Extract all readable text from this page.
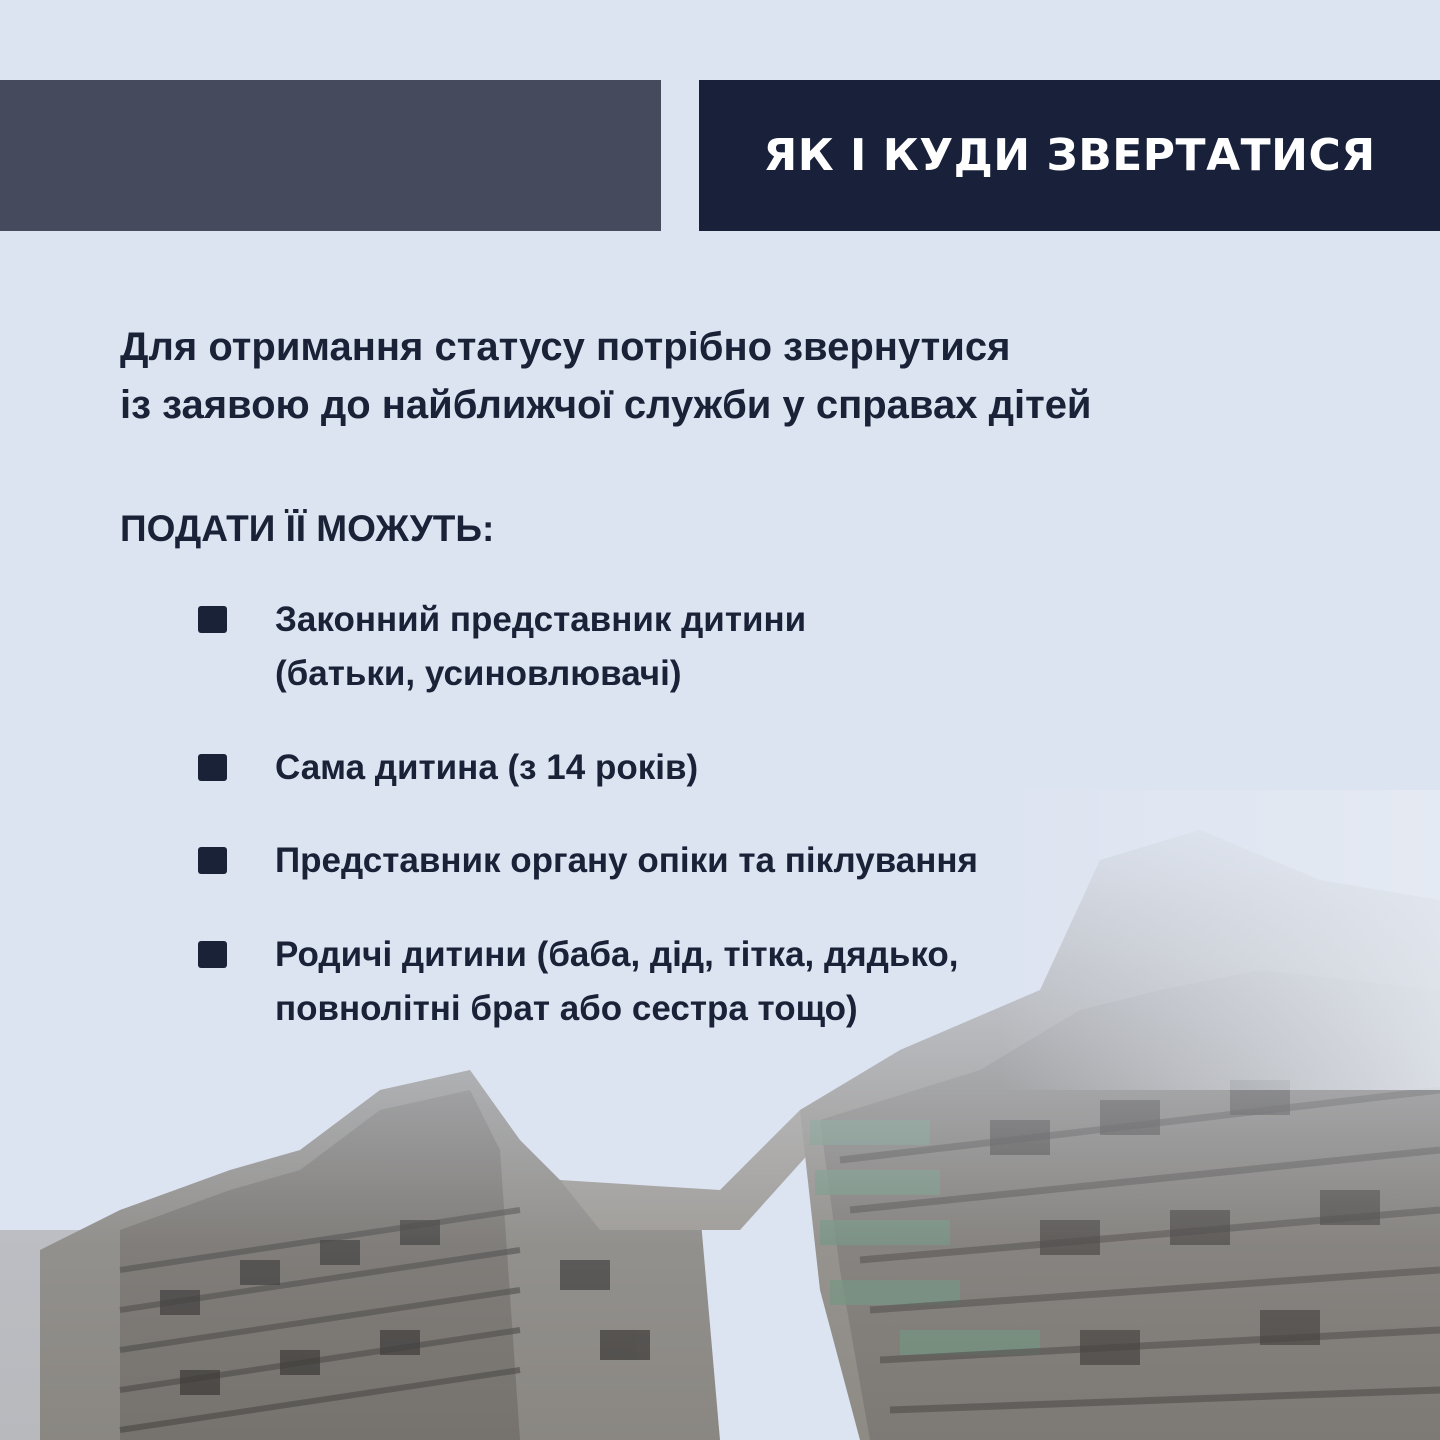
ЯК І КУДИ ЗВЕРТАТИСЯ
Для отримання статусу потрібно звернутися
із заявою до найближчої служби у справах дітей
ПОДАТИ ЇЇ МОЖУТЬ:
Законний представник дитини
(батьки, усиновлювачі)
Сама дитина (з 14 років)
Представник органу опіки та піклування
Родичі дитини (баба, дід, тітка, дядько,
повнолітні брат або сестра тощо)
